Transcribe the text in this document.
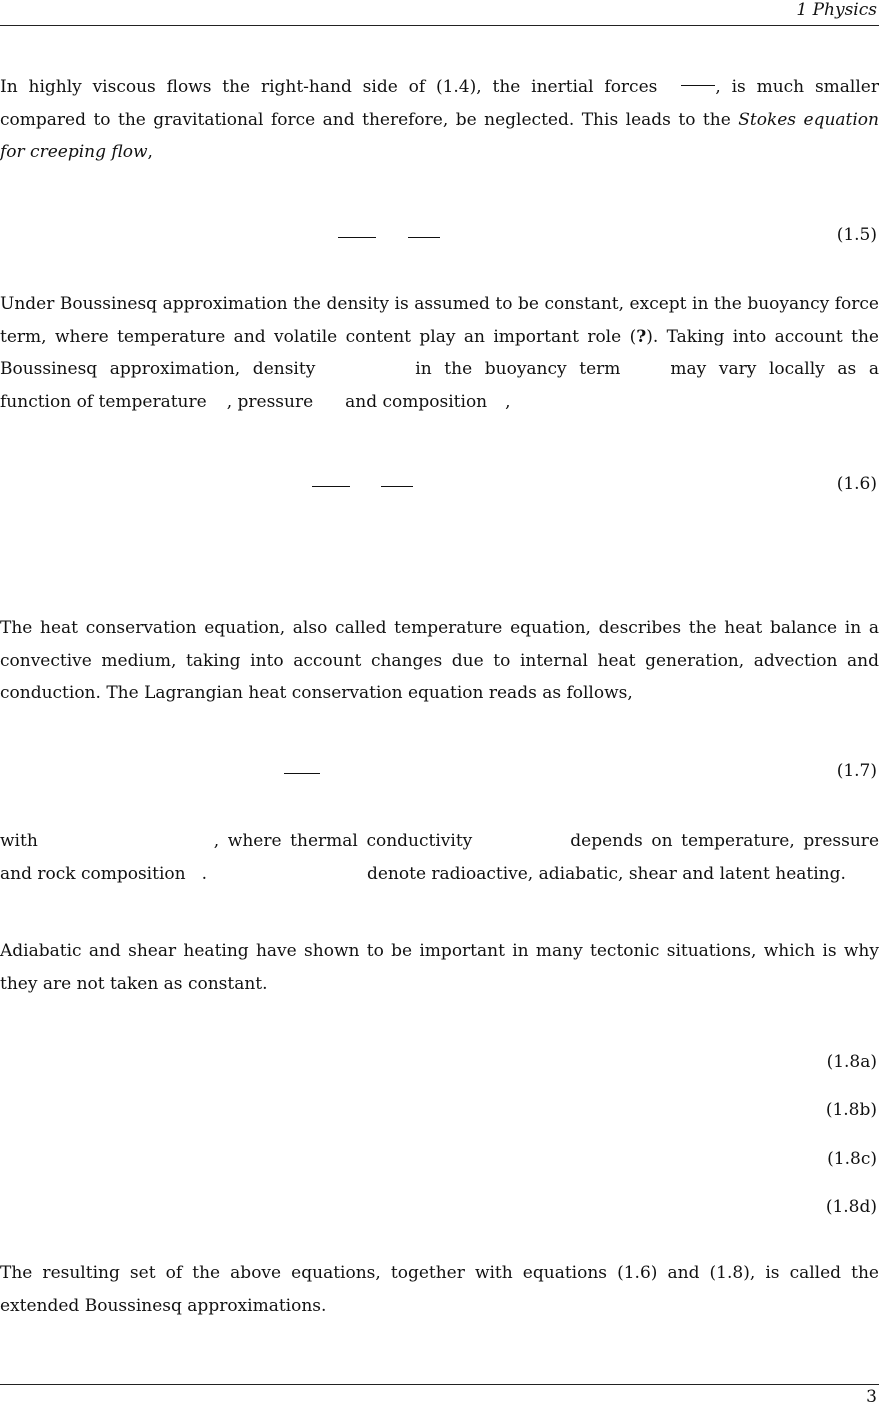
1 Physics

In highly viscous flows the right-hand side of (1.4), the inertial forces	, is much smaller compared to the gravitational force and therefore, be neglected. This leads to the Stokes equation for creeping flow,

(1.5)

Under Boussinesq approximation the density is assumed to be constant, except in the buoyancy force term, where temperature and volatile content play an important role (?). Taking into account the Boussinesq approximation, density	in the buoyancy term	may vary locally as a function of temperature , pressure and composition ,

(1.6)

The heat conservation equation, also called temperature equation, describes the heat balance in a convective medium, taking into account changes due to internal heat generation, advection and conduction. The Lagrangian heat conservation equation reads as follows,

(1.7)

with	, where thermal conductivity	depends on temperature, pressure and rock composition .	denote radioactive, adiabatic, shear and latent heating.

Adiabatic and shear heating have shown to be important in many tectonic situations, which is why they are not taken as constant.

(1.8a)
(1.8b)
(1.8c)
(1.8d)

The resulting set of the above equations, together with equations (1.6) and (1.8), is called the extended Boussinesq approximations.

3
